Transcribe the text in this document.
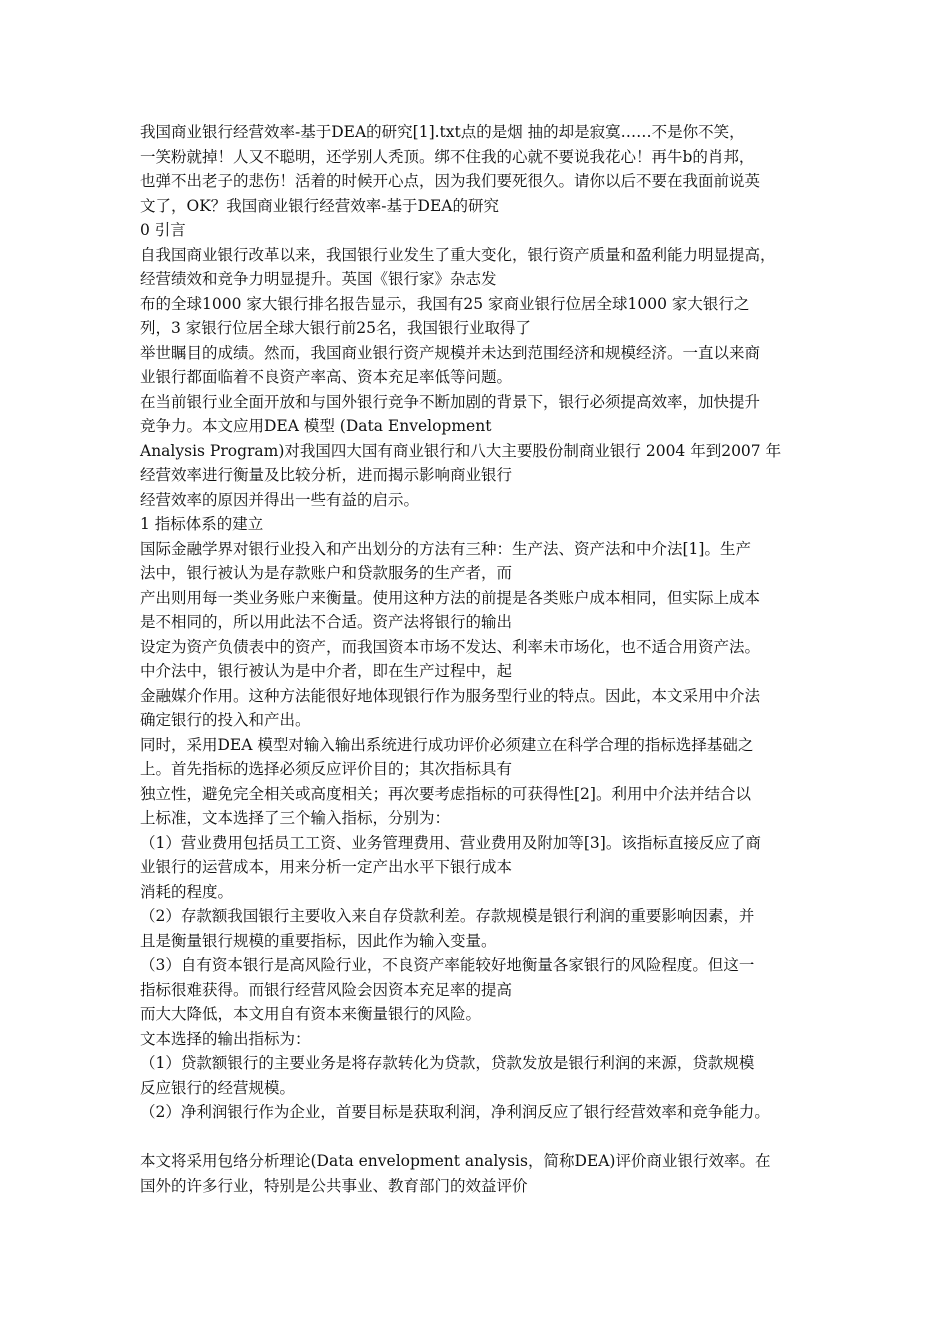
我国商业银行经营效率-基于DEA的研究[1].txt点的是烟 抽的却是寂寞……不是你不笑，
一笑粉就掉！人又不聪明，还学别人秃顶。绑不住我的心就不要说我花心！再牛b的肖邦，
也弹不出老子的悲伤！活着的时候开心点，因为我们要死很久。请你以后不要在我面前说英
文了，OK？我国商业银行经营效率-基于DEA的研究
0 引言
自我国商业银行改革以来，我国银行业发生了重大变化，银行资产质量和盈利能力明显提高，
经营绩效和竞争力明显提升。英国《银行家》杂志发
布的全球1000 家大银行排名报告显示，我国有25 家商业银行位居全球1000 家大银行之
列，3 家银行位居全球大银行前25名，我国银行业取得了
举世瞩目的成绩。然而，我国商业银行资产规模并未达到范围经济和规模经济。一直以来商
业银行都面临着不良资产率高、资本充足率低等问题。
在当前银行业全面开放和与国外银行竞争不断加剧的背景下，银行必须提高效率，加快提升
竞争力。本文应用DEA 模型 (Data Envelopment
Analysis Program)对我国四大国有商业银行和八大主要股份制商业银行 2004 年到2007 年
经营效率进行衡量及比较分析，进而揭示影响商业银行
经营效率的原因并得出一些有益的启示。
1 指标体系的建立
国际金融学界对银行业投入和产出划分的方法有三种：生产法、资产法和中介法[1]。生产
法中，银行被认为是存款账户和贷款服务的生产者，而
产出则用每一类业务账户来衡量。使用这种方法的前提是各类账户成本相同，但实际上成本
是不相同的，所以用此法不合适。资产法将银行的输出
设定为资产负债表中的资产，而我国资本市场不发达、利率未市场化，也不适合用资产法。
中介法中，银行被认为是中介者，即在生产过程中，起
金融媒介作用。这种方法能很好地体现银行作为服务型行业的特点。因此，本文采用中介法
确定银行的投入和产出。
同时，采用DEA 模型对输入输出系统进行成功评价必须建立在科学合理的指标选择基础之
上。首先指标的选择必须反应评价目的；其次指标具有
独立性，避免完全相关或高度相关；再次要考虑指标的可获得性[2]。利用中介法并结合以
上标准，文本选择了三个输入指标，分别为：
（1）营业费用包括员工工资、业务管理费用、营业费用及附加等[3]。该指标直接反应了商
业银行的运营成本，用来分析一定产出水平下银行成本
消耗的程度。
（2）存款额我国银行主要收入来自存贷款利差。存款规模是银行利润的重要影响因素，并
且是衡量银行规模的重要指标，因此作为输入变量。
（3）自有资本银行是高风险行业，不良资产率能较好地衡量各家银行的风险程度。但这一
指标很难获得。而银行经营风险会因资本充足率的提高
而大大降低，本文用自有资本来衡量银行的风险。
文本选择的输出指标为：
（1）贷款额银行的主要业务是将存款转化为贷款，贷款发放是银行利润的来源，贷款规模
反应银行的经营规模。
（2）净利润银行作为企业，首要目标是获取利润，净利润反应了银行经营效率和竞争能力。
本文将采用包络分析理论(Data envelopment analysis，简称DEA)评价商业银行效率。在
国外的许多行业，特别是公共事业、教育部门的效益评价
